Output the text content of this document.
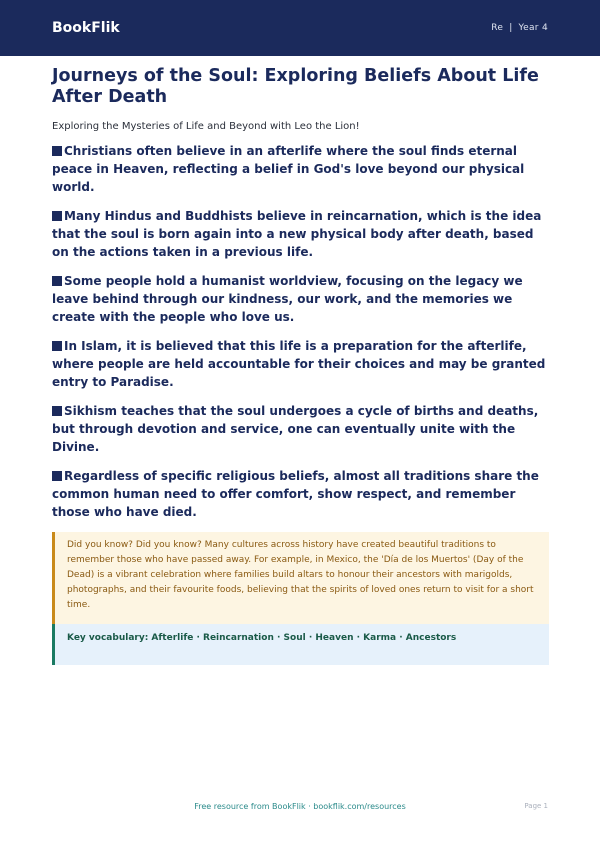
BookFlik	Re | Year 4
Journeys of the Soul: Exploring Beliefs About Life After Death

Exploring the Mysteries of Life and Beyond with Leo the Lion!

Christians often believe in an afterlife where the soul finds eternal peace in Heaven, reflecting a belief in God's love beyond our physical world.

Many Hindus and Buddhists believe in reincarnation, which is the idea that the soul is born again into a new physical body after death, based on the actions taken in a previous life.

Some people hold a humanist worldview, focusing on the legacy we leave behind through our kindness, our work, and the memories we create with the people who love us.

In Islam, it is believed that this life is a preparation for the afterlife, where people are held accountable for their choices and may be granted entry to Paradise.

Sikhism teaches that the soul undergoes a cycle of births and deaths, but through devotion and service, one can eventually unite with the Divine.

Regardless of specific religious beliefs, almost all traditions share the common human need to offer comfort, show respect, and remember those who have died.

Did you know? Did you know? Many cultures across history have created beautiful traditions to remember those who have passed away. For example, in Mexico, the 'Día de los Muertos' (Day of the Dead) is a vibrant celebration where families build altars to honour their ancestors with marigolds, photographs, and their favourite foods, believing that the spirits of loved ones return to visit for a short time.
Key vocabulary: Afterlife · Reincarnation · Soul · Heaven · Karma · Ancestors
Free resource from BookFlik · bookflik.com/resources	Page 1
